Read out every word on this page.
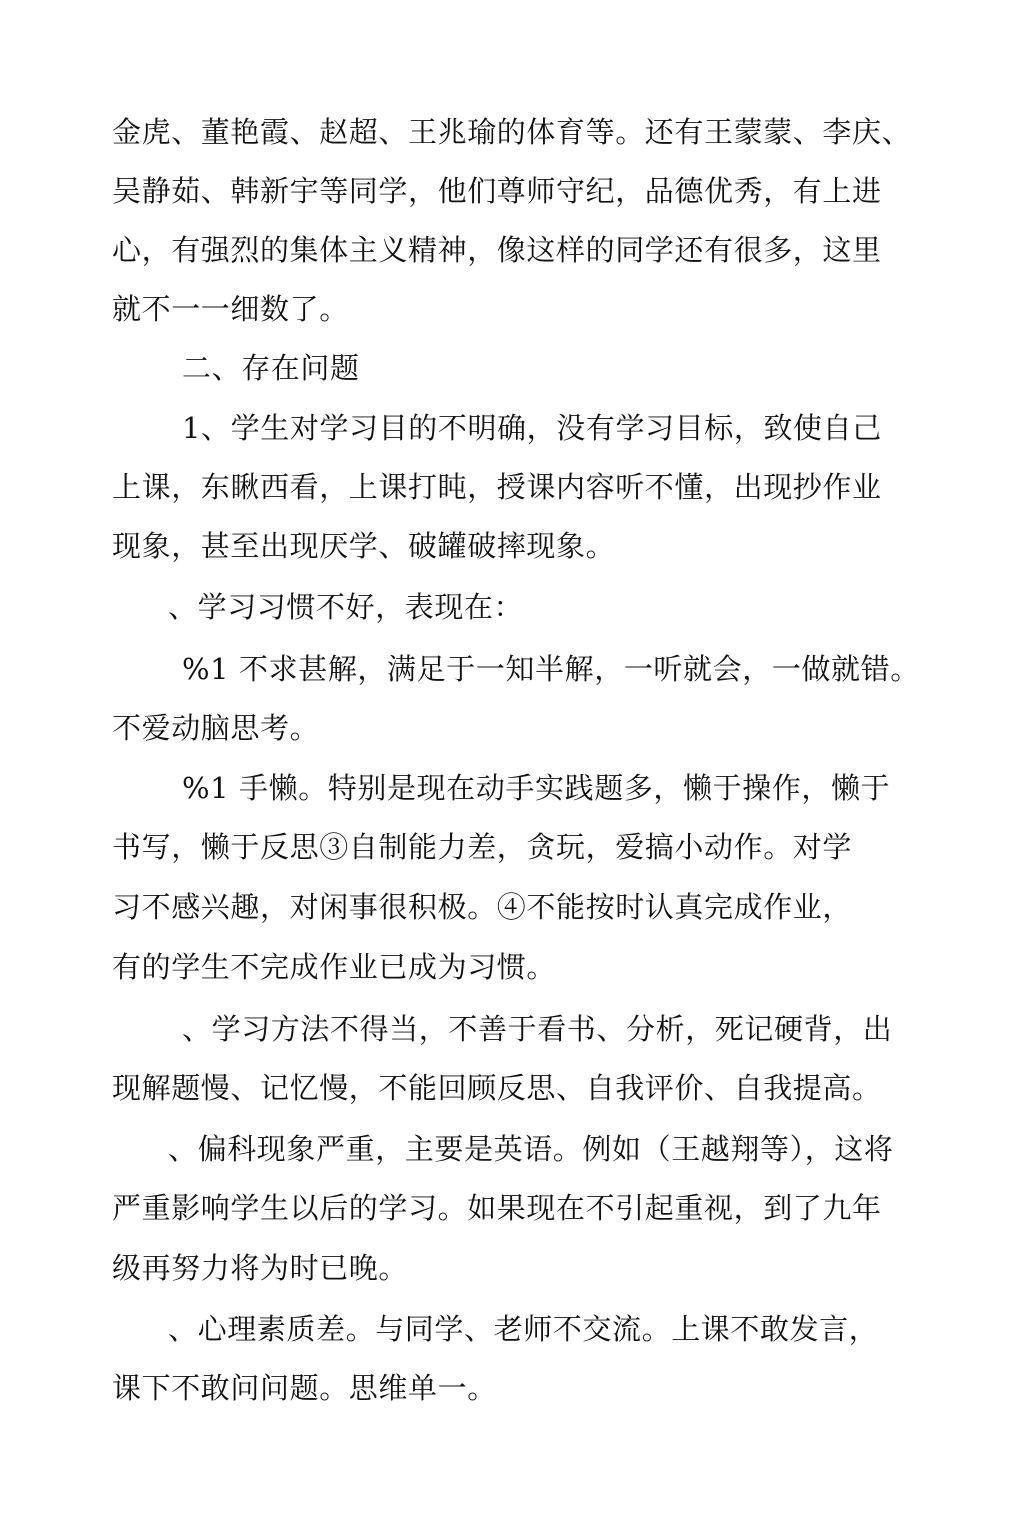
金虎、董艳霞、赵超、王兆瑜的体育等。还有王蒙蒙、李庆、
吴静茹、韩新宇等同学，他们尊师守纪，品德优秀，有上进
心，有强烈的集体主义精神，像这样的同学还有很多，这里
就不一一细数了。
二、存在问题
1、学生对学习目的不明确，没有学习目标，致使自己
上课，东瞅西看，上课打盹，授课内容听不懂，出现抄作业
现象，甚至出现厌学、破罐破摔现象。
、学习习惯不好，表现在：
%1 不求甚解，满足于一知半解，一听就会，一做就错。
不爱动脑思考。
%1 手懒。特别是现在动手实践题多，懒于操作，懒于
书写，懒于反思③自制能力差，贪玩，爱搞小动作。对学
习不感兴趣，对闲事很积极。④不能按时认真完成作业，
有的学生不完成作业已成为习惯。
、学习方法不得当，不善于看书、分析，死记硬背，出
现解题慢、记忆慢，不能回顾反思、自我评价、自我提高。
、偏科现象严重，主要是英语。例如（王越翔等），这将
严重影响学生以后的学习。如果现在不引起重视，到了九年
级再努力将为时已晚。
、心理素质差。与同学、老师不交流。上课不敢发言，
课下不敢问问题。思维单一。
